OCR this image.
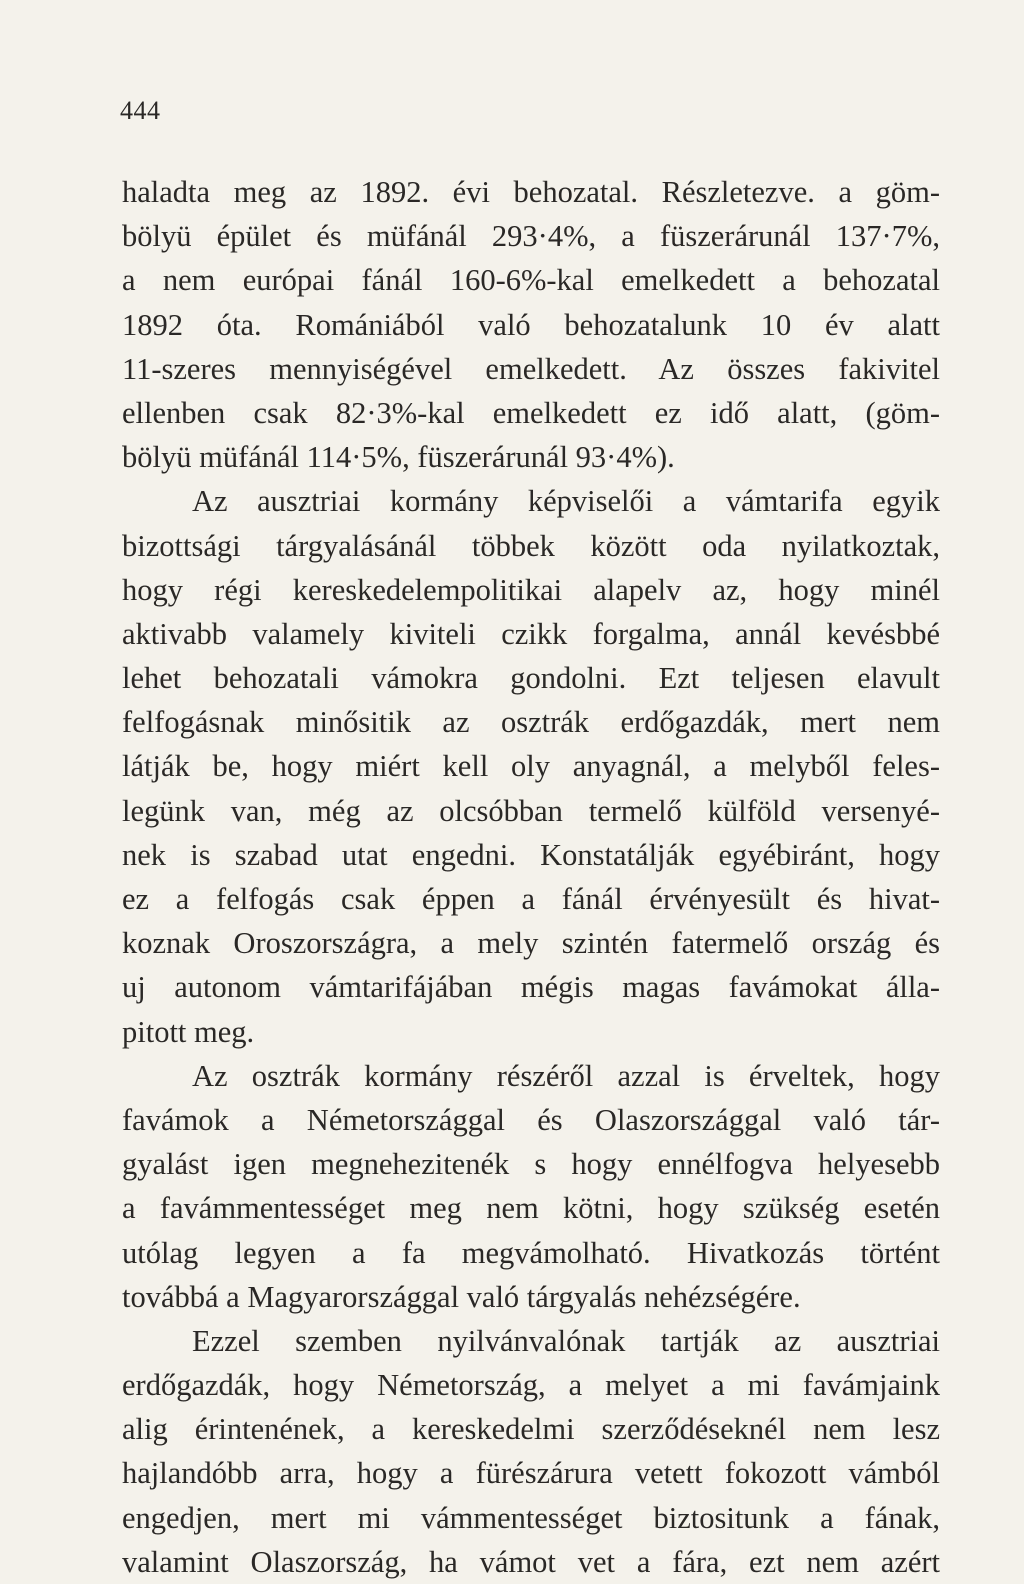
444
haladta meg az 1892. évi behozatal. Részletezve. a göm-
bölyü épület és müfánál 293·4%, a füszerárunál 137·7%,
a nem európai fánál 160-6%-kal emelkedett a behozatal
1892 óta. Romániából való behozatalunk 10 év alatt
11-szeres mennyiségével emelkedett. Az összes fakivitel
ellenben csak 82·3%-kal emelkedett ez idő alatt, (göm-
bölyü müfánál 114·5%, füszerárunál 93·4%).
Az ausztriai kormány képviselői a vámtarifa egyik
bizottsági tárgyalásánál többek között oda nyilatkoztak,
hogy régi kereskedelempolitikai alapelv az, hogy minél
aktivabb valamely kiviteli czikk forgalma, annál kevésbbé
lehet behozatali vámokra gondolni. Ezt teljesen elavult
felfogásnak minősitik az osztrák erdőgazdák, mert nem
látják be, hogy miért kell oly anyagnál, a melyből feles-
legünk van, még az olcsóbban termelő külföld versenyé-
nek is szabad utat engedni. Konstatálják egyébiránt, hogy
ez a felfogás csak éppen a fánál érvényesült és hivat-
koznak Oroszországra, a mely szintén fatermelő ország és
uj autonom vámtarifájában mégis magas favámokat álla-
pitott meg.
Az osztrák kormány részéről azzal is érveltek, hogy
favámok a Németországgal és Olaszországgal való tár-
gyalást igen megnehezitenék s hogy ennélfogva helyesebb
a favámmentességet meg nem kötni, hogy szükség esetén
utólag legyen a fa megvámolható. Hivatkozás történt
továbbá a Magyarországgal való tárgyalás nehézségére.
Ezzel szemben nyilvánvalónak tartják az ausztriai
erdőgazdák, hogy Németország, a melyet a mi favámjaink
alig érintenének, a kereskedelmi szerződéseknél nem lesz
hajlandóbb arra, hogy a fürészárura vetett fokozott vámból
engedjen, mert mi vámmentességet biztositunk a fának,
valamint Olaszország, ha vámot vet a fára, ezt nem azért
